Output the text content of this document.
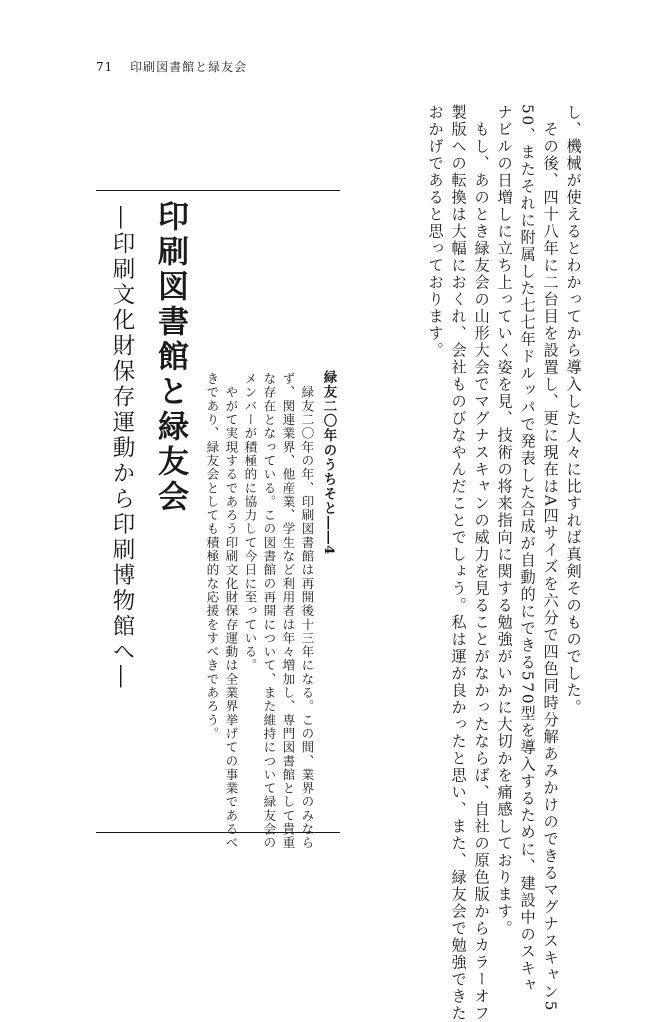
71 印刷図書館と緑友会
し、機械が使えるとわかってから導入した人々に比すれば真剣そのものでした。
　その後、四十八年に二台目を設置し、更に現在はA四サイズを六分で四色同時分解あみかけのできるマグナスキャン5
50、またそれに附属した七七年ドルッパで発表した合成が自動的にできる570型を導入するために、建設中のスキャ
ナビルの日増しに立ち上っていく姿を見、技術の将来指向に関する勉強がいかに大切かを痛感しております。
　もし、あのとき緑友会の山形大会でマグナスキャンの威力を見ることがなかったならば、自社の原色版からカラーオフ
製版への転換は大幅におくれ、会社ものびなやんだことでしょう。私は運が良かったと思い、また、緑友会で勉強できた
おかげであると思っております。
印刷図書館と緑友会
―印刷文化財保存運動から印刷博物館へ―	緑友二〇年のうちそと――4
　緑友二〇年の年、印刷図書館は再開後十三年になる。この間、業界のみなら
ず、関連業界、他産業、学生など利用者は年々増加し、専門図書館として貴重
な存在となっている。この図書館の再開について、また維持について緑友会の
メンバーが積極的に協力して今日に至っている。
　やがて実現するであろう印刷文化財保存運動は全業界挙げての事業であるべ
きであり、緑友会としても積極的な応援をすべきであろう。
